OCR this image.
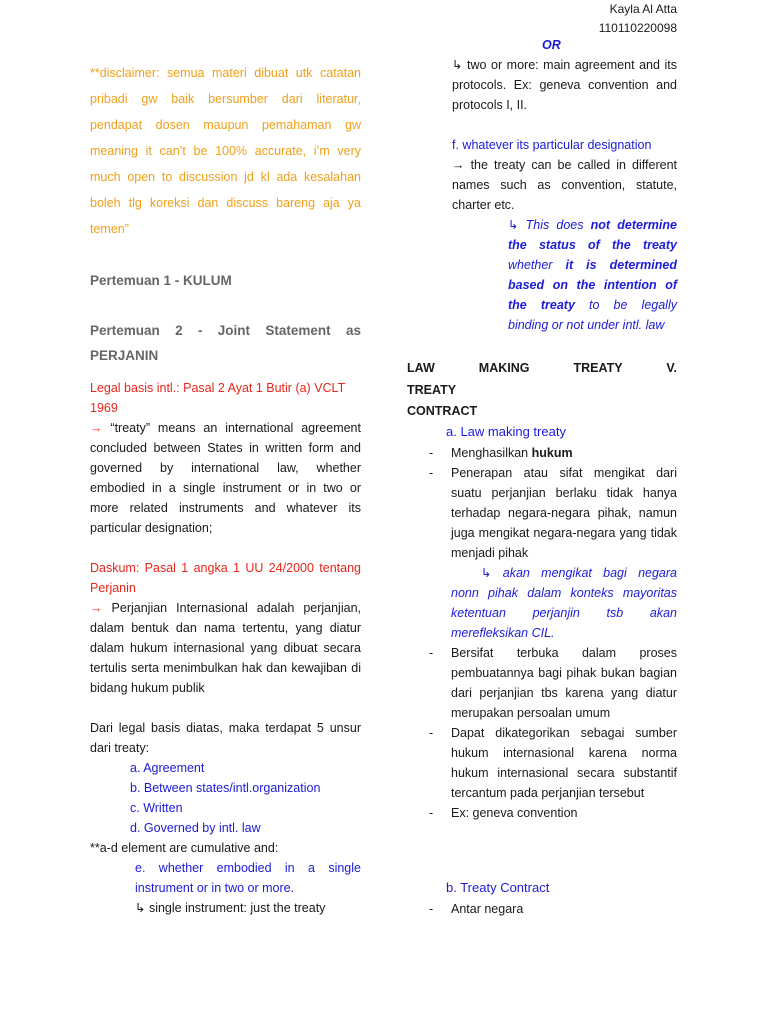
Kayla Al Atta
110110220098

**disclaimer: semua materi dibuat utk catatan pribadi gw baik bersumber dari literatur, pendapat dosen maupun pemahaman gw meaning it can’t be 100% accurate, i’m very much open to discussion jd kl ada kesalahan boleh tlg koreksi dan discuss bareng aja ya temen”

Pertemuan 1 - KULUM

Pertemuan 2 - Joint Statement as PERJANIN

Legal basis intl.: Pasal 2 Ayat 1 Butir (a) VCLT 1969

→ “treaty” means an international agreement concluded between States in written form and governed by international law, whether embodied in a single instrument or in two or more related instruments and whatever its particular designation;

Daskum: Pasal 1 angka 1 UU 24/2000 tentang Perjanin

→ Perjanjian Internasional adalah perjanjian, dalam bentuk dan nama tertentu, yang diatur dalam hukum internasional yang dibuat secara tertulis serta menimbulkan hak dan kewajiban di bidang hukum publik

Dari legal basis diatas, maka terdapat 5 unsur dari treaty:

a. Agreement
b. Between states/intl.organization
c. Written
d. Governed by intl. law

**a-d element are cumulative and:

e. whether embodied in a single instrument or in two or more.

↳ single instrument: just the treaty

OR

↳ two or more: main agreement and its protocols. Ex: geneva convention and protocols I, II.

f. whatever its particular designation

→ the treaty can be called in different names such as convention, statute, charter etc.

↳ This does not determine the status of the treaty whether it is determined based on the intention of the treaty to be legally binding or not under intl. law

LAW MAKING TREATY V. TREATY
CONTRACT
a. Law making treaty
-	Menghasilkan hukum
-	Penerapan atau sifat mengikat dari suatu perjanjian berlaku tidak hanya terhadap negara-negara pihak, namun juga mengikat negara-negara yang tidak menjadi pihak
↳ akan mengikat bagi negara nonn pihak dalam konteks mayoritas ketentuan perjanjin tsb akan merefleksikan CIL.
-	Bersifat terbuka dalam proses pembuatannya bagi pihak bukan bagian dari perjanjian tbs karena yang diatur merupakan persoalan umum
-	Dapat dikategorikan sebagai sumber hukum internasional karena norma hukum internasional secara substantif tercantum pada perjanjian tersebut
-	Ex: geneva convention
b. Treaty Contract
-	Antar negara
